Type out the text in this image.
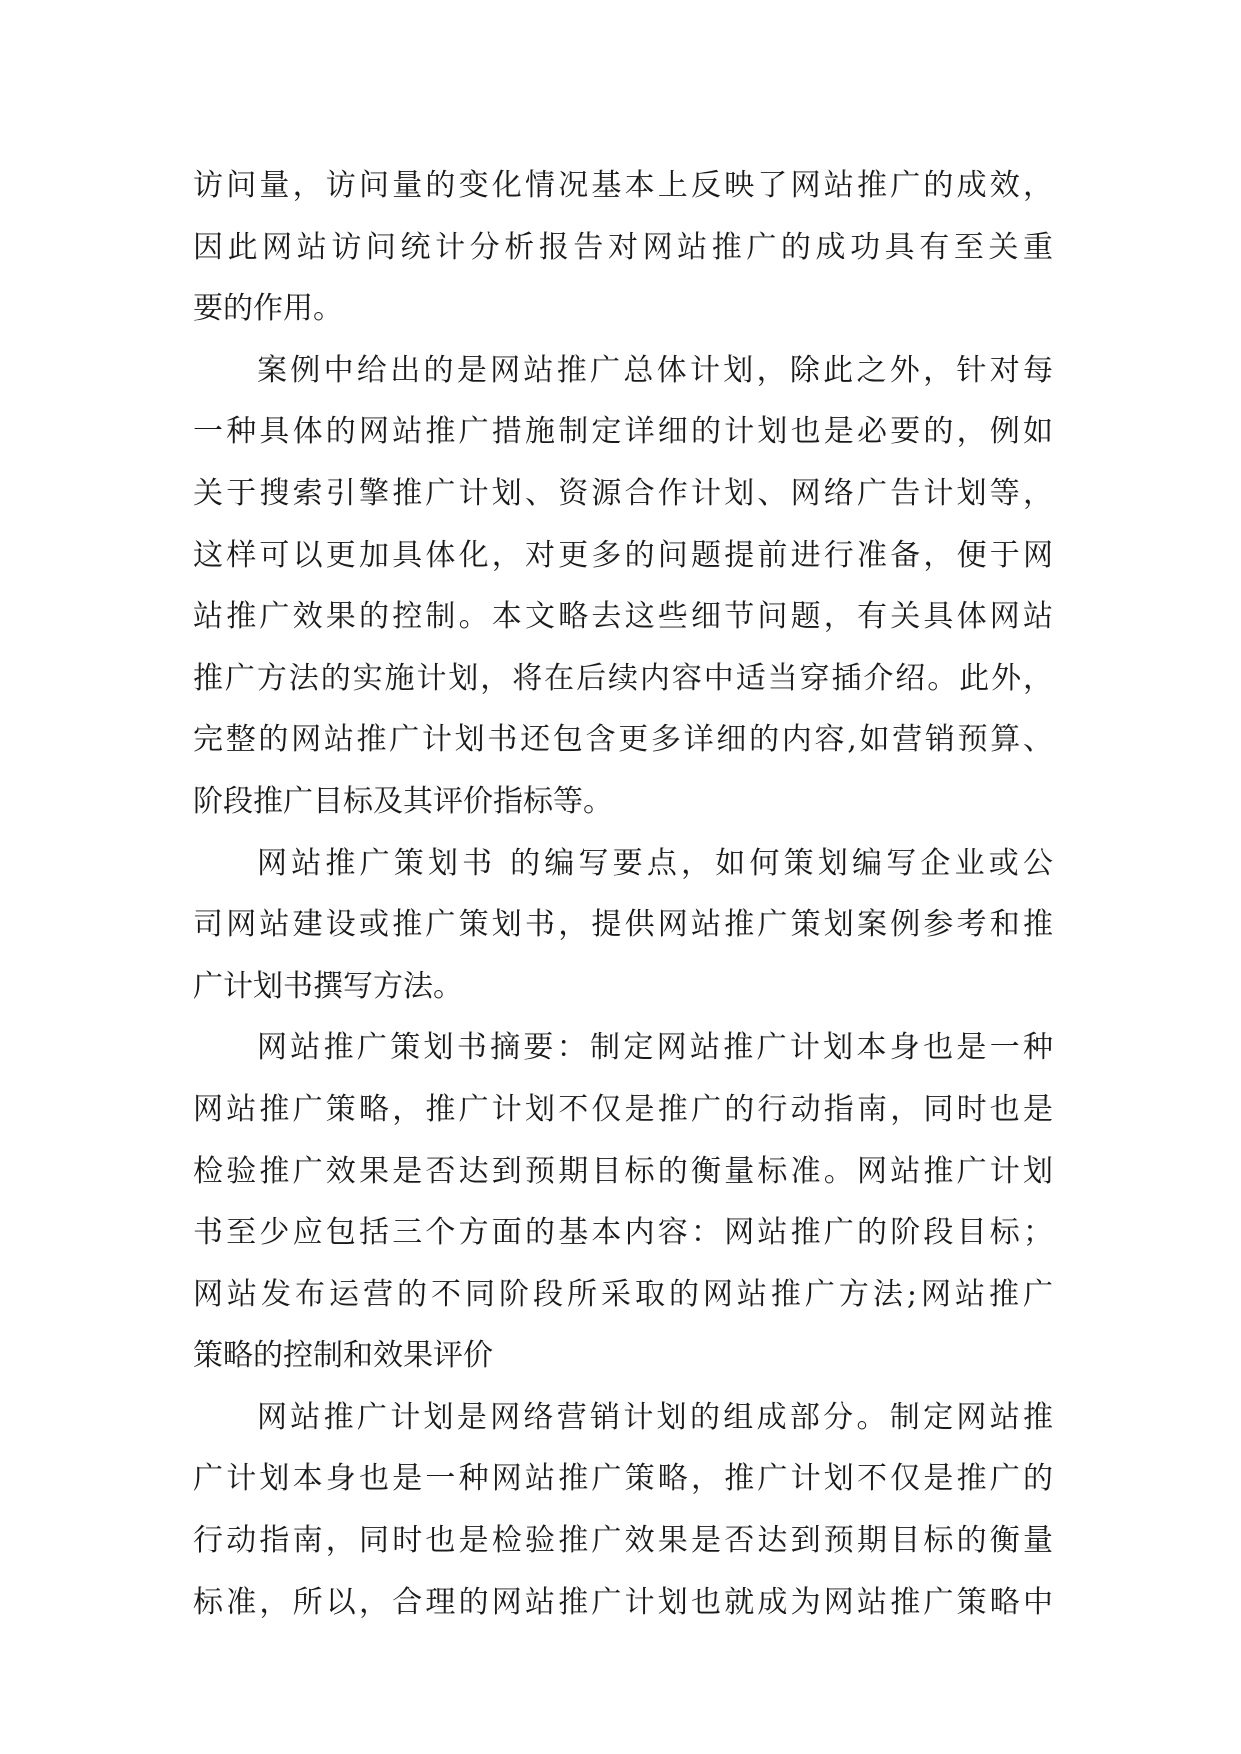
访问量，访问量的变化情况基本上反映了网站推广的成效，
因此网站访问统计分析报告对网站推广的成功具有至关重
要的作用。
案例中给出的是网站推广总体计划，除此之外，针对每
一种具体的网站推广措施制定详细的计划也是必要的，例如
关于搜索引擎推广计划、资源合作计划、网络广告计划等，
这样可以更加具体化，对更多的问题提前进行准备，便于网
站推广效果的控制。本文略去这些细节问题，有关具体网站
推广方法的实施计划，将在后续内容中适当穿插介绍。此外，
完整的网站推广计划书还包含更多详细的内容,如营销预算、
阶段推广目标及其评价指标等。
网站推广策划书 的编写要点，如何策划编写企业或公
司网站建设或推广策划书，提供网站推广策划案例参考和推
广计划书撰写方法。
网站推广策划书摘要：制定网站推广计划本身也是一种
网站推广策略，推广计划不仅是推广的行动指南，同时也是
检验推广效果是否达到预期目标的衡量标准。网站推广计划
书至少应包括三个方面的基本内容：网站推广的阶段目标；
网站发布运营的不同阶段所采取的网站推广方法;网站推广
策略的控制和效果评价
网站推广计划是网络营销计划的组成部分。制定网站推
广计划本身也是一种网站推广策略，推广计划不仅是推广的
行动指南，同时也是检验推广效果是否达到预期目标的衡量
标准，所以，合理的网站推广计划也就成为网站推广策略中
